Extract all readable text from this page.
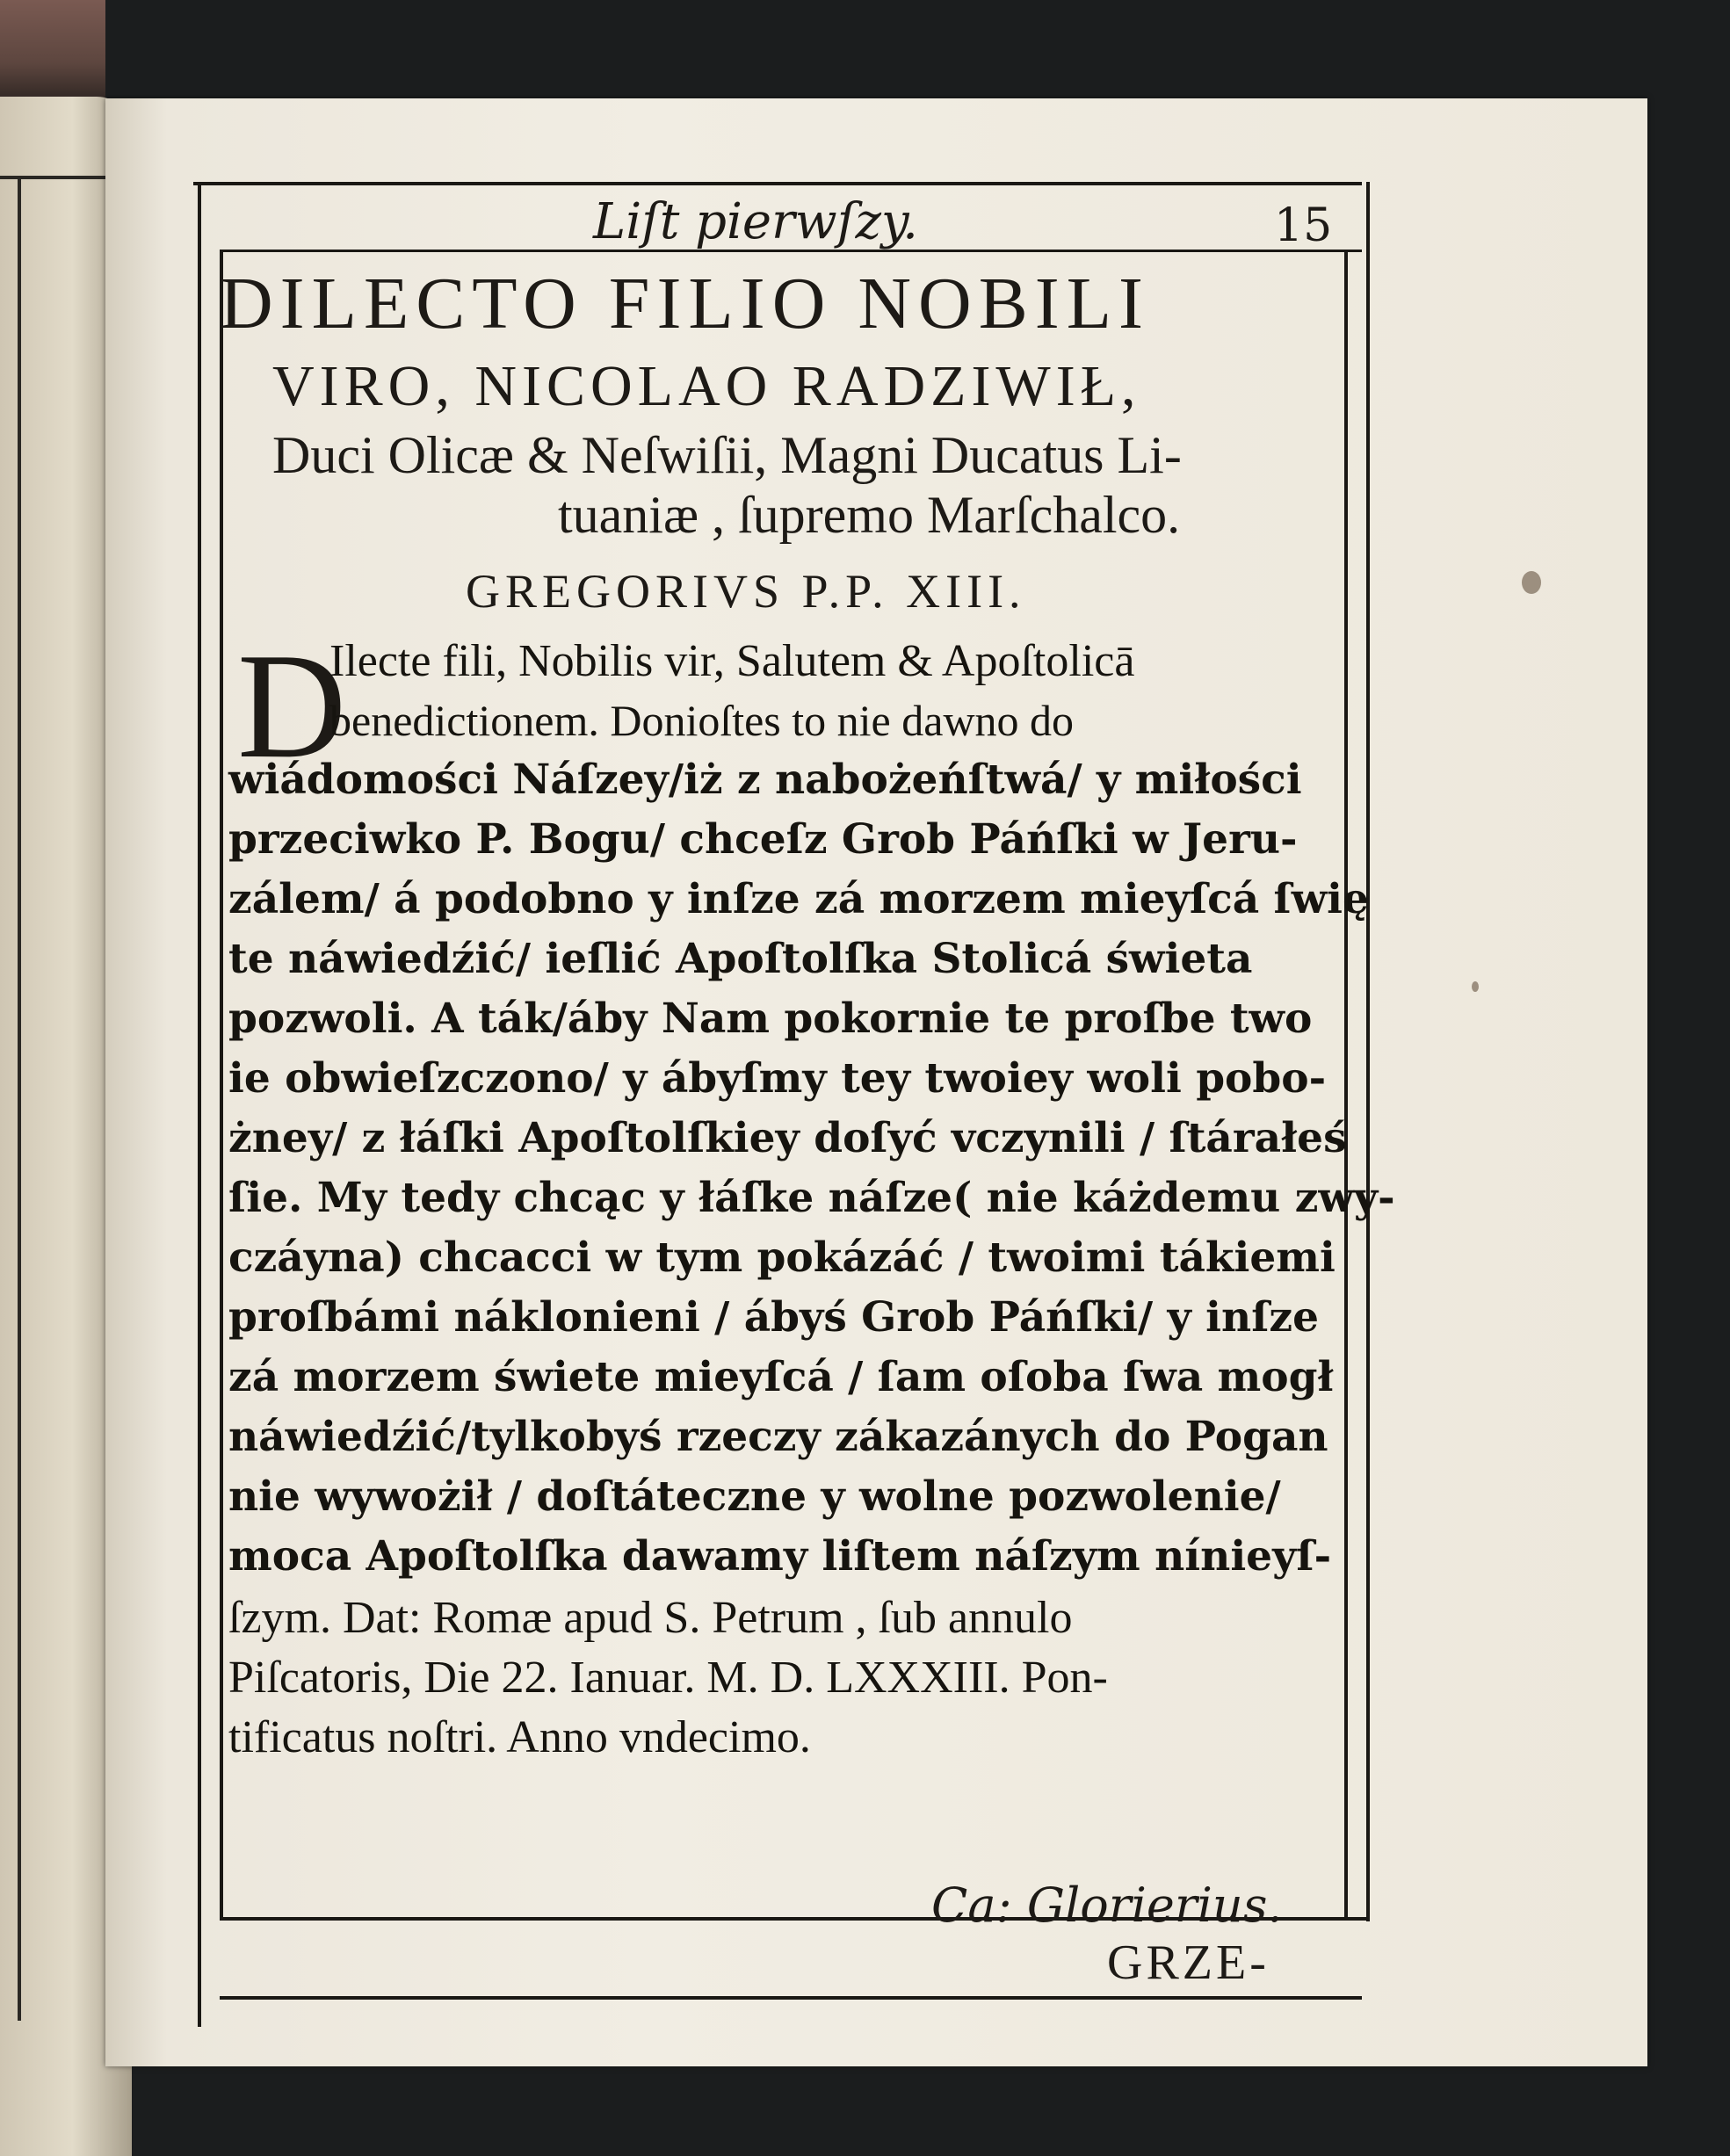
Liſt pierwſzy.	15
DILECTO FILIO NOBILI
VIRO, NICOLAO RADZIWIŁ,
Duci Olicæ & Neſwiſii, Magni Ducatus Li-
tuaniæ , ſupremo Marſchalco.
GREGORIVS P.P. XIII.
D
Ilecte fili, Nobilis vir, Salutem & Apoſtolicā
benedictionem. Donioſtes to nie dawno do
wiádomości Náſzey/iż z nabożeńſtwá/ y miłości
przeciwko P. Bogu/ chceſz Grob Páńſki w Jeru-
zálem/ á podobno y inſze zá morzem mieyſcá ſwię
te náwiedźić/ ieſlić Apoſtolſka Stolicá świeta
pozwoli. A ták/áby Nam pokornie te proſbe two
ie obwieſzczono/ y ábyſmy tey twoiey woli pobo-
żney/ z łáſki Apoſtolſkiey doſyć vczynili / ſtárałeś
ſie. My tedy chcąc y łáſke náſze( nie káżdemu zwy-
czáyna) chcacci w tym pokázáć / twoimi tákiemi
proſbámi náklonieni / ábyś Grob Páńſki/ y inſze
zá morzem świete mieyſcá / ſam oſoba ſwa mogł
náwiedźić/tylkobyś rzeczy zákazánych do Pogan
nie wywożił / doſtáteczne y wolne pozwolenie/
moca Apoſtolſka dawamy liſtem náſzym nínieyſ-
ſzym. Dat: Romæ apud S. Petrum , ſub annulo
Piſcatoris, Die 22. Ianuar. M. D. LXXXIII. Pon-
tificatus noſtri. Anno vndecimo.
Ca: Glorierius.
GRZE-
